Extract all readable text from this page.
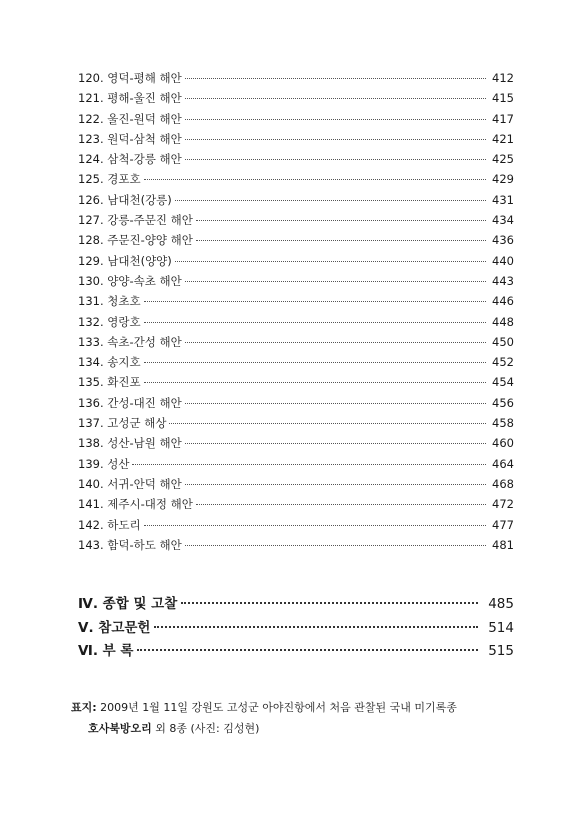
120. 영덕-평해 해안	412
121. 평해-울진 해안	415
122. 울진-원덕 해안	417
123. 원덕-삼척 해안	421
124. 삼척-강릉 해안	425
125. 경포호	429
126. 남대천(강릉)	431
127. 강릉-주문진 해안	434
128. 주문진-양양 해안	436
129. 남대천(양양)	440
130. 양양-속초 해안	443
131. 청초호	446
132. 영랑호	448
133. 속초-간성 해안	450
134. 송지호	452
135. 화진포	454
136. 간성-대진 해안	456
137. 고성군 해상	458
138. 성산-남원 해안	460
139. 성산	464
140. 서귀-안덕 해안	468
141. 제주시-대정 해안	472
142. 하도리	477
143. 함덕-하도 해안	481
Ⅳ. 종합 및 고찰	485
Ⅴ. 참고문헌	514
Ⅵ. 부 록	515
표지: 2009년 1월 11일 강원도 고성군 아야진항에서 처음 관찰된 국내 미기록종
호사북방오리 외 8종 (사진: 김성현)
